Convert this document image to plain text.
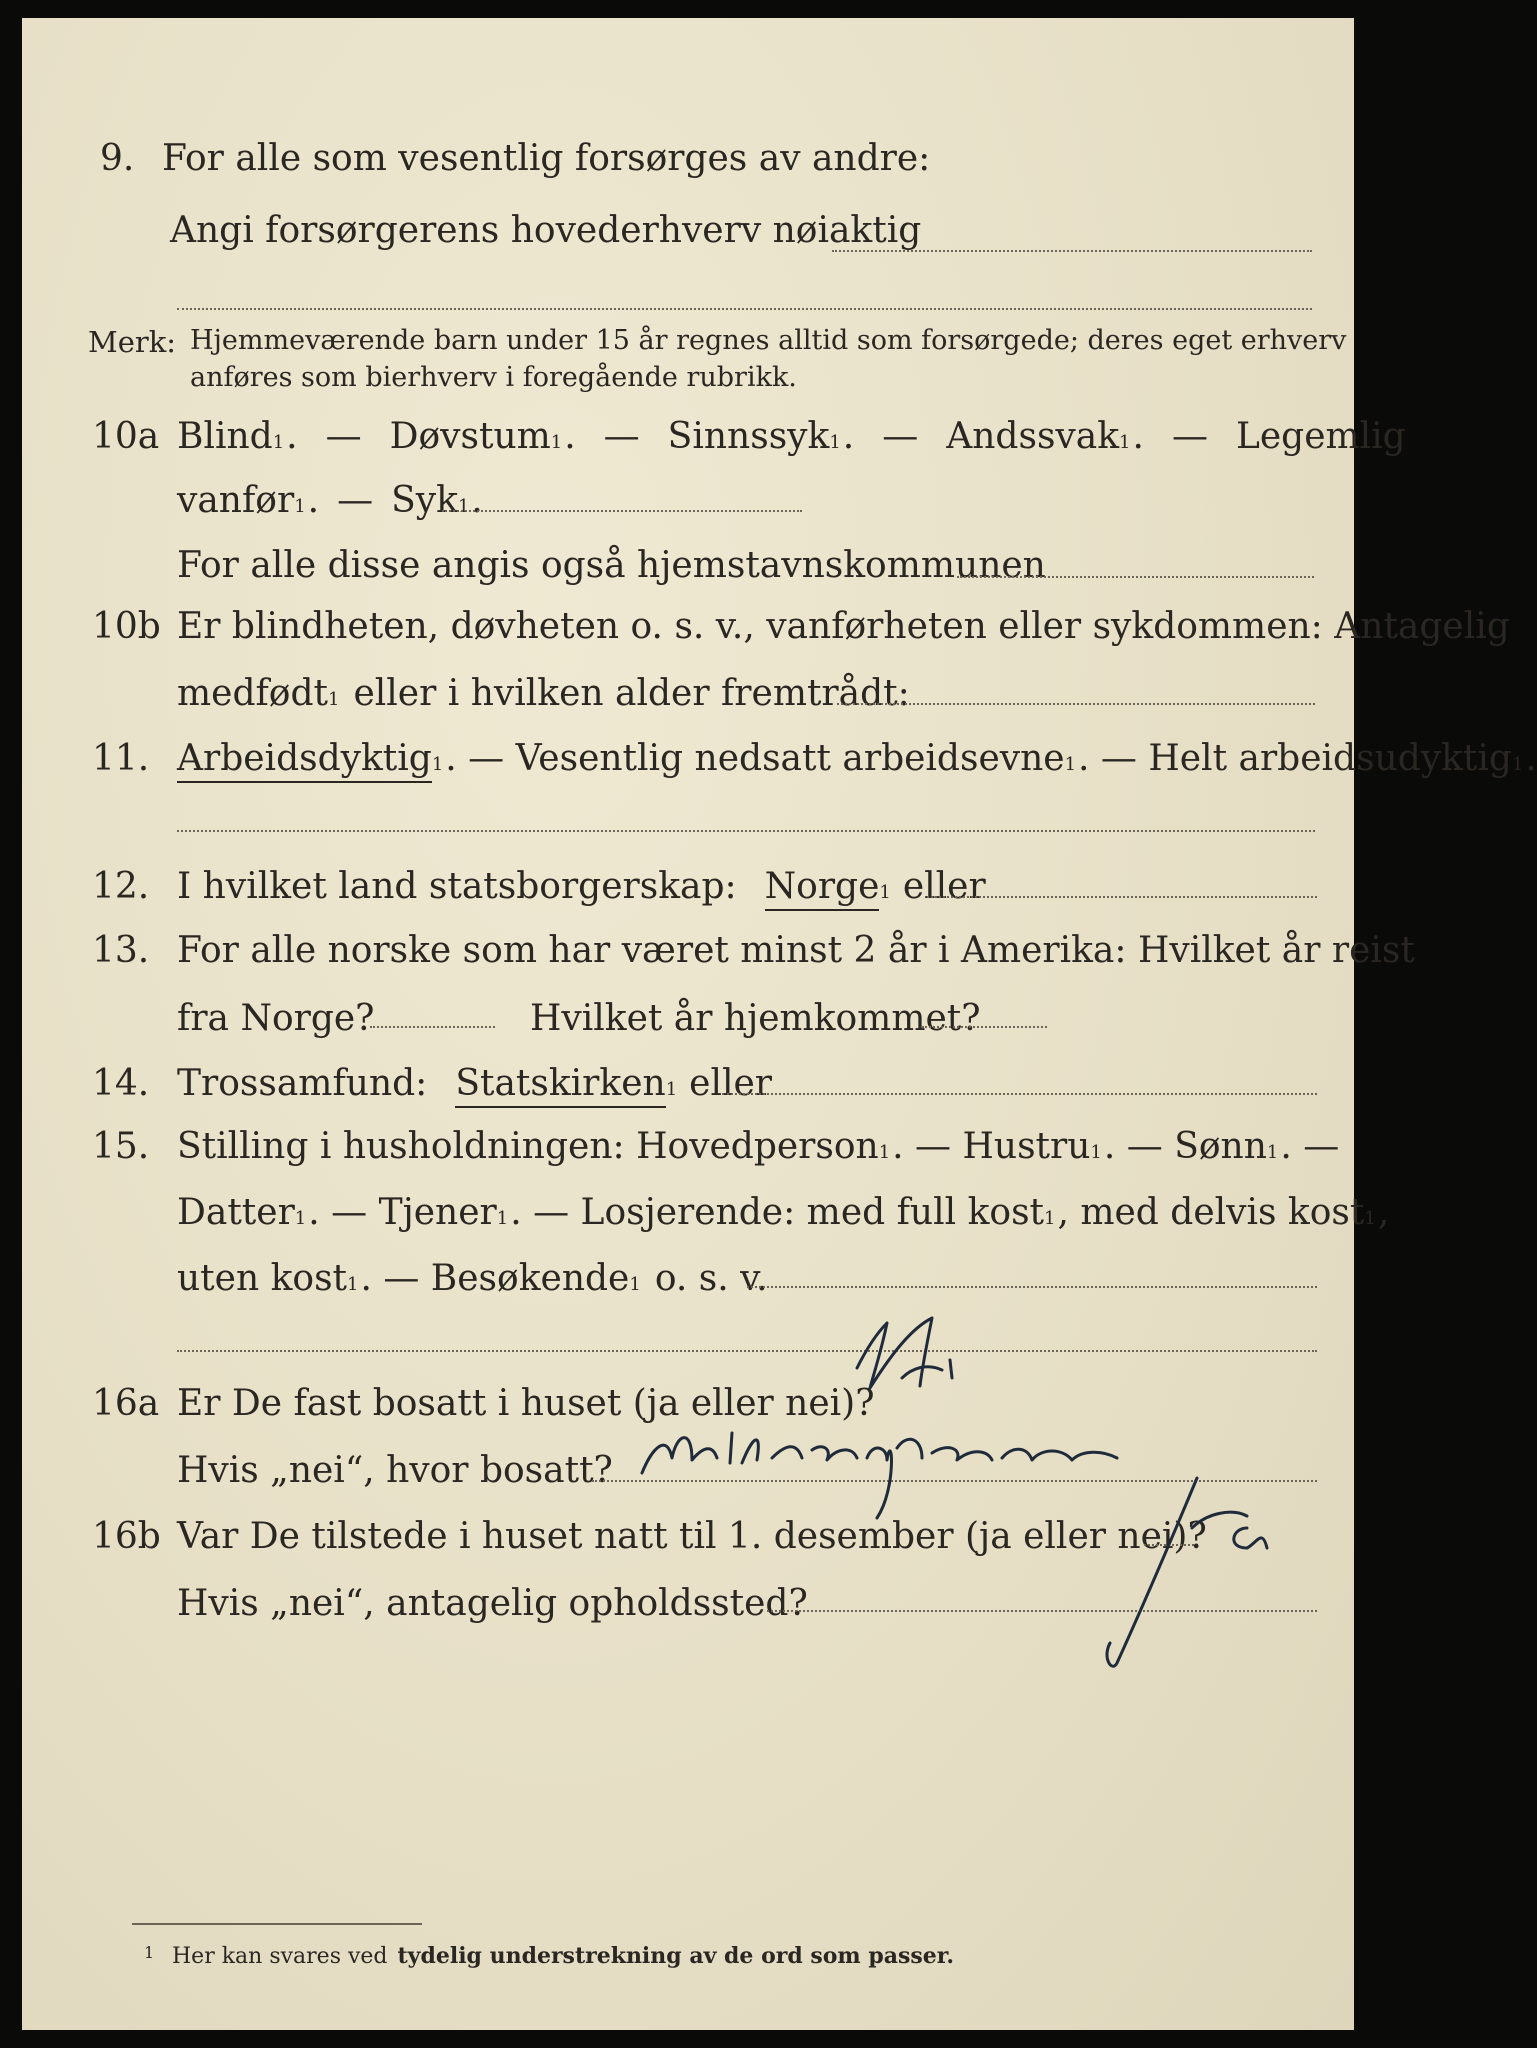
9. For alle som vesentlig forsørges av andre:
Angi forsørgerens hovederhverv nøiaktig
Merk: Hjemmeværende barn under 15 år regnes alltid som forsørgede; deres eget erhverv
anføres som bierhverv i foregående rubrikk.
10a Blind 1 . — Døvstum 1 . — Sinnssyk 1 . — Andssvak 1 . — Legemlig
vanfør 1 . — Syk 1 .
For alle disse angis også hjemstavnskommunen
10b Er blindheten, døvheten o. s. v., vanførheten eller sykdommen: Antagelig
medfødt 1 eller i hvilken alder fremtrådt:
11. Arbeidsdyktig 1 . — Vesentlig nedsatt arbeidsevne 1 . — Helt arbeidsudyktig 1 .
12. I hvilket land statsborgerskap: Norge 1 eller
13. For alle norske som har været minst 2 år i Amerika: Hvilket år reist
fra Norge?	Hvilket år hjemkommet?
14. Trossamfund: Statskirken 1 eller
15. Stilling i husholdningen: Hovedperson 1 . — Hustru 1 . — Sønn 1 . —
Datter 1 . — Tjener 1 . — Losjerende: med full kost 1 , med delvis kost 1 ,
uten kost 1 . — Besøkende 1 o. s. v.
16a Er De fast bosatt i huset (ja eller nei)?
Hvis „nei“, hvor bosatt?
16b Var De tilstede i huset natt til 1. desember (ja eller nei)?
Hvis „nei“, antagelig opholdssted?
1 Her kan svares ved tydelig understrekning av de ord som passer.
